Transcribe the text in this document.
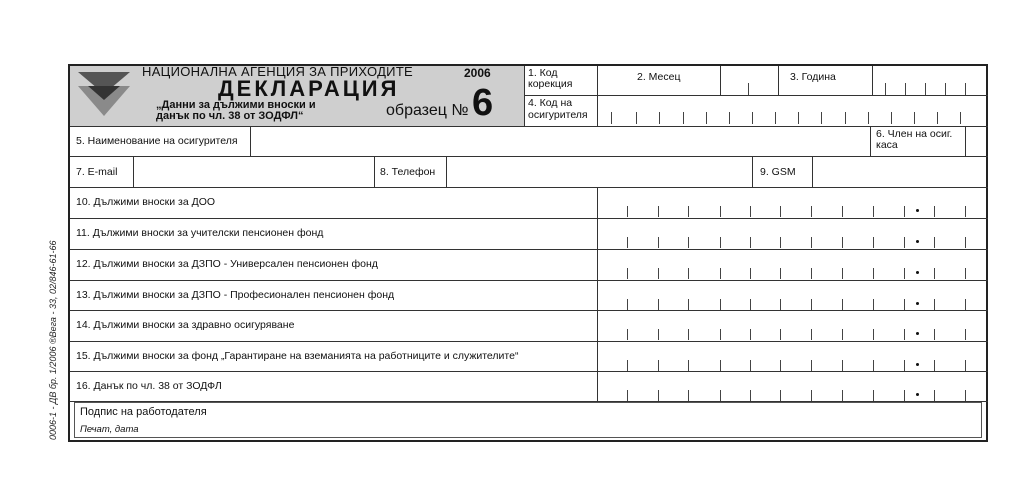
НАЦИОНАЛНА АГЕНЦИЯ ЗА ПРИХОДИТЕ	2006
ДЕКЛАРАЦИЯ
„Данни за дължими вноски и
данък по чл. 38 от ЗОДФЛ“	образец № 6
1. Код
корекция
2. Месец	3. Година
4. Код на
осигурителя
5. Наименование на осигурителя
6. Член на осиг.
каса
7. E-mail	8. Телефон	9. GSM
10. Дължими вноски за ДОО
11. Дължими вноски за учителски пенсионен фонд
12. Дължими вноски за ДЗПО - Универсален пенсионен фонд
13. Дължими вноски за ДЗПО - Професионален пенсионен фонд
14. Дължими вноски за здравно осигуряване
15. Дължими вноски за фонд „Гарантиране на вземанията на работниците и служителите“
16. Данък по чл. 38 от ЗОДФЛ
Подпис на работодателя
Печат, дата
0006-1 - ДВ бр. 1/2006 ®Вега - 33, 02/846-61-66
